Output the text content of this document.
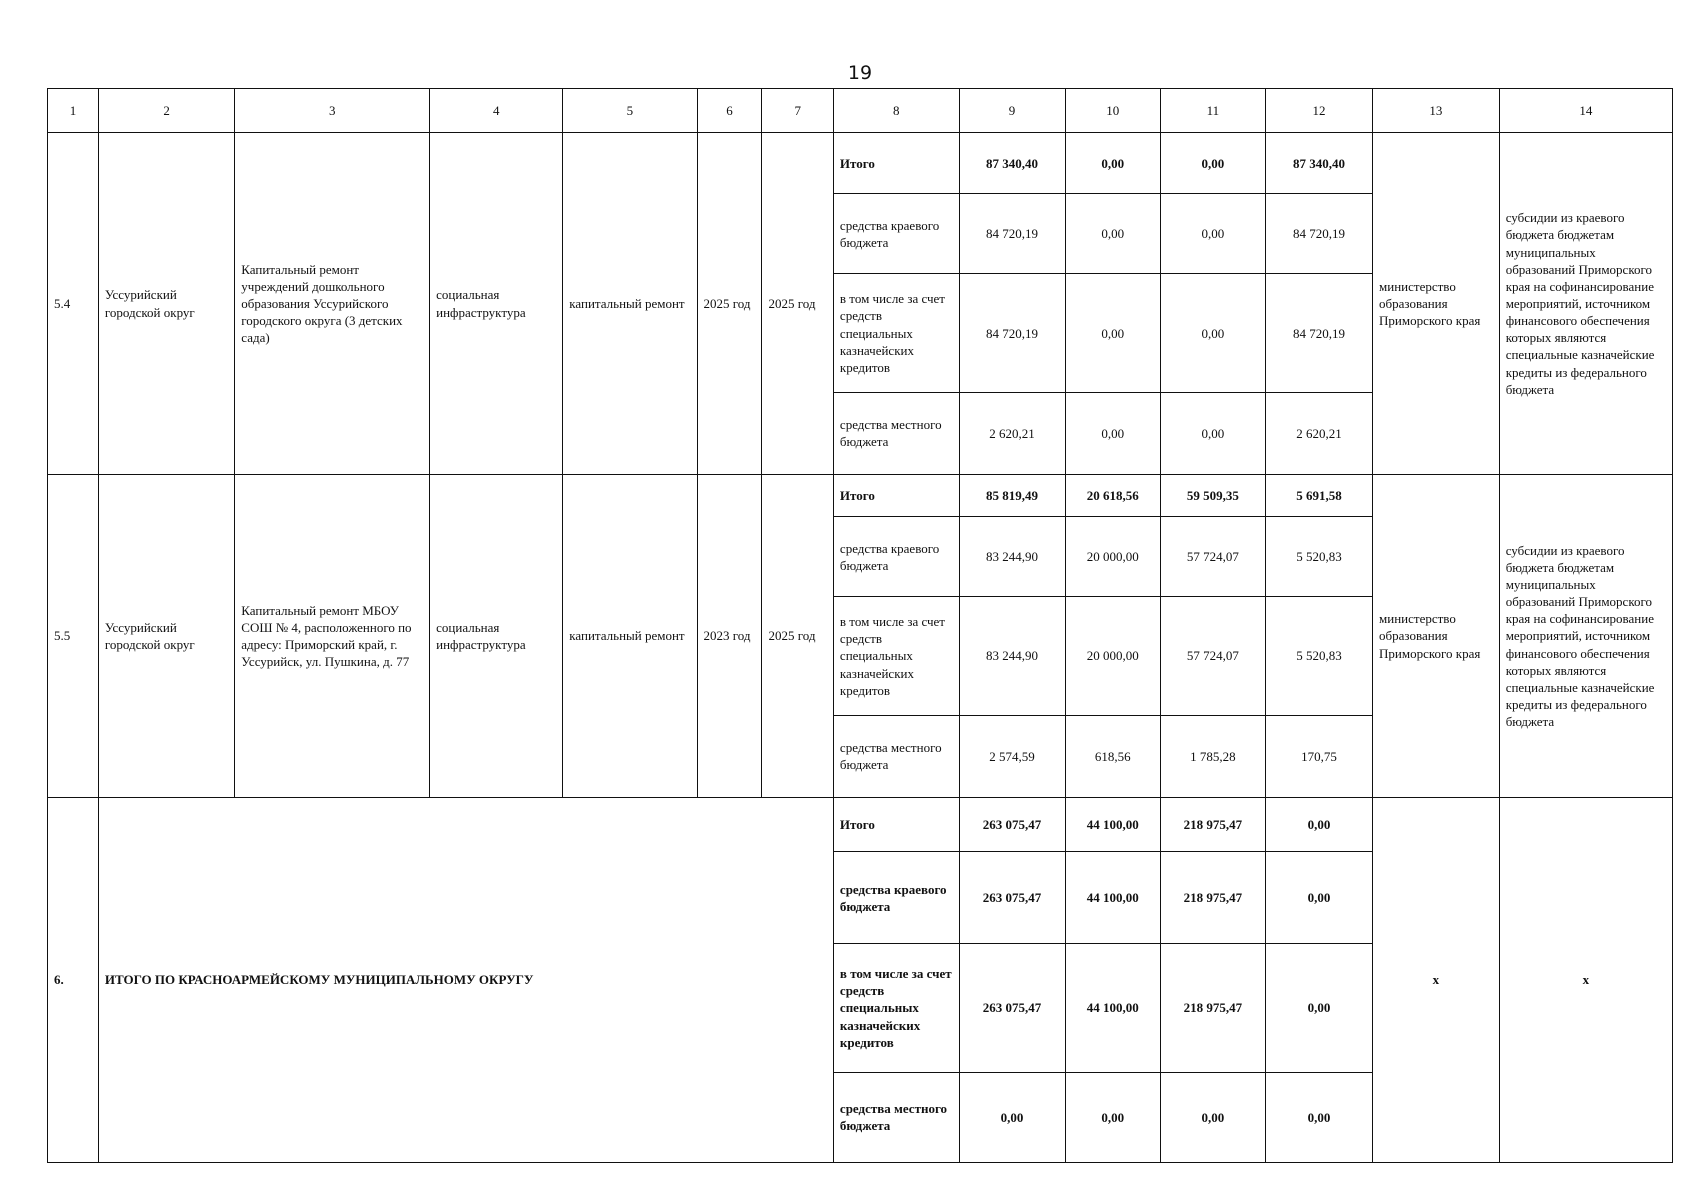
19
1	2	3	4	5	6	7	8	9	10	11	12	13	14
5.4	Уссурийский городской округ	Капитальный ремонт учреждений дошкольного образования Уссурийского городского округа (3 детских сада)	социальная инфраструктура	капитальный ремонт	2025 год	2025 год	Итого	87 340,40	0,00	0,00	87 340,40	министерство образования Приморского края	субсидии из краевого бюджета бюджетам муниципальных образований Приморского края на софинансирование мероприятий, источником финансового обеспечения которых являются специальные казначейские кредиты из федерального бюджета
							средства краевого бюджета	84 720,19	0,00	0,00	84 720,19		
							в том числе за счет средств специальных казначейских кредитов	84 720,19	0,00	0,00	84 720,19		
							средства местного бюджета	2 620,21	0,00	0,00	2 620,21		
5.5	Уссурийский городской округ	Капитальный ремонт МБОУ СОШ № 4, расположенного по адресу: Приморский край, г. Уссурийск, ул. Пушкина, д. 77	социальная инфраструктура	капитальный ремонт	2023 год	2025 год	Итого	85 819,49	20 618,56	59 509,35	5 691,58	министерство образования Приморского края	субсидии из краевого бюджета бюджетам муниципальных образований Приморского края на софинансирование мероприятий, источником финансового обеспечения которых являются специальные казначейские кредиты из федерального бюджета
							средства краевого бюджета	83 244,90	20 000,00	57 724,07	5 520,83		
							в том числе за счет средств специальных казначейских кредитов	83 244,90	20 000,00	57 724,07	5 520,83		
							средства местного бюджета	2 574,59	618,56	1 785,28	170,75		
6.	ИТОГО ПО КРАСНОАРМЕЙСКОМУ МУНИЦИПАЛЬНОМУ ОКРУГУ						Итого	263 075,47	44 100,00	218 975,47	0,00	х	х
							средства краевого бюджета	263 075,47	44 100,00	218 975,47	0,00		
							в том числе за счет средств специальных казначейских кредитов	263 075,47	44 100,00	218 975,47	0,00		
							средства местного бюджета	0,00	0,00	0,00	0,00		
